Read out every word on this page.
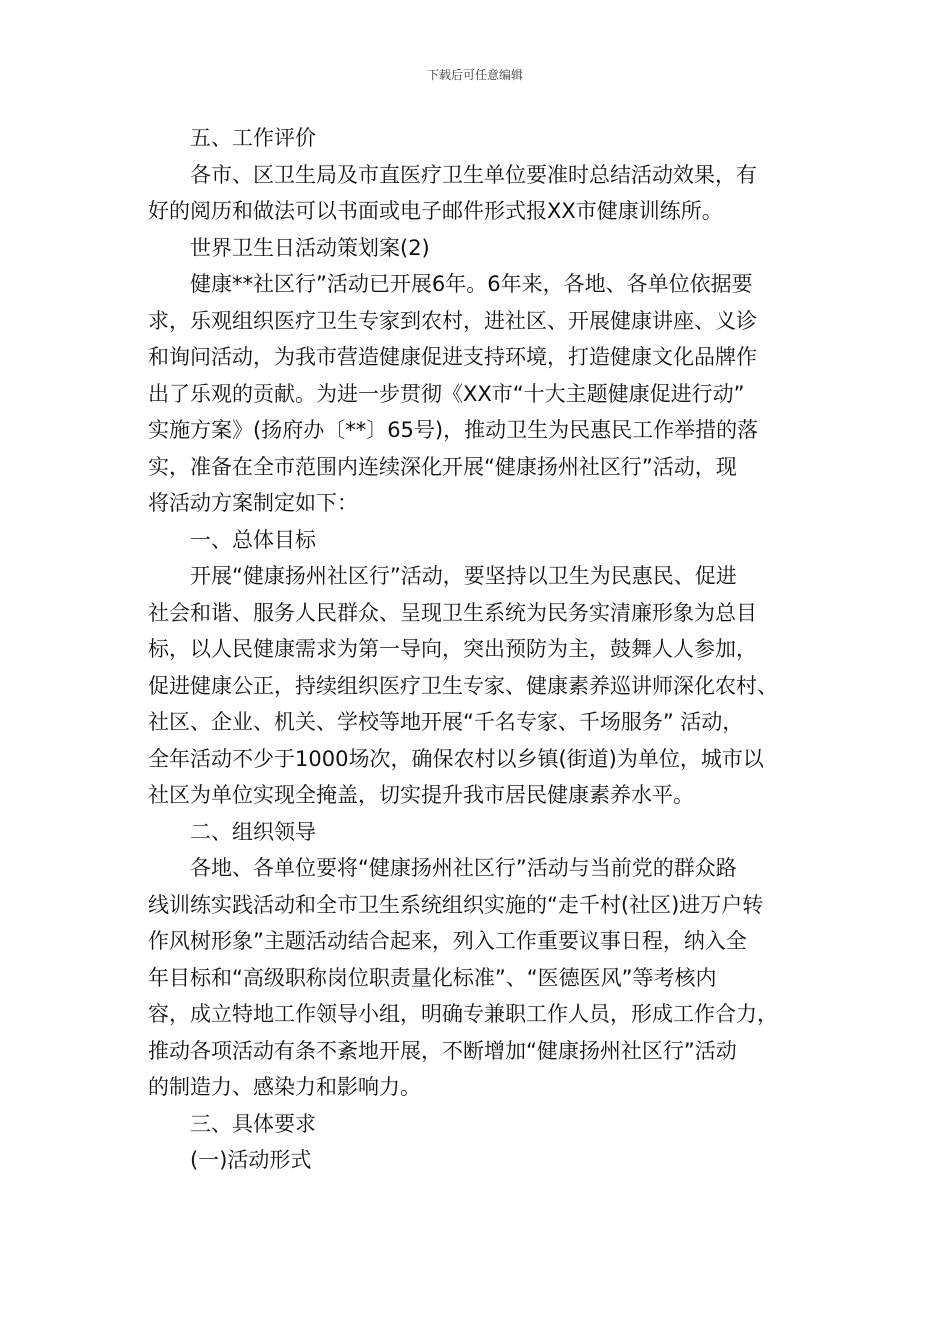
下载后可任意编辑
五、工作评价
各市、区卫生局及市直医疗卫生单位要准时总结活动效果，有
好的阅历和做法可以书面或电子邮件形式报XX市健康训练所。
世界卫生日活动策划案(2)
健康**社区行”活动已开展6年。6年来，各地、各单位依据要
求，乐观组织医疗卫生专家到农村，进社区、开展健康讲座、义诊
和询问活动，为我市营造健康促进支持环境，打造健康文化品牌作
出了乐观的贡献。为进一步贯彻《XX市“十大主题健康促进行动”
实施方案》(扬府办〔**〕65号)，推动卫生为民惠民工作举措的落
实，准备在全市范围内连续深化开展“健康扬州社区行”活动，现
将活动方案制定如下：
一、总体目标
开展“健康扬州社区行”活动，要坚持以卫生为民惠民、促进
社会和谐、服务人民群众、呈现卫生系统为民务实清廉形象为总目
标，以人民健康需求为第一导向，突出预防为主，鼓舞人人参加，
促进健康公正，持续组织医疗卫生专家、健康素养巡讲师深化农村、
社区、企业、机关、学校等地开展“千名专家、千场服务” 活动，
全年活动不少于1000场次，确保农村以乡镇(街道)为单位，城市以
社区为单位实现全掩盖，切实提升我市居民健康素养水平。
二、组织领导
各地、各单位要将“健康扬州社区行”活动与当前党的群众路
线训练实践活动和全市卫生系统组织实施的“走千村(社区)进万户转
作风树形象”主题活动结合起来，列入工作重要议事日程，纳入全
年目标和“高级职称岗位职责量化标准”、“医德医风”等考核内
容，成立特地工作领导小组，明确专兼职工作人员，形成工作合力，
推动各项活动有条不紊地开展，不断增加“健康扬州社区行”活动
的制造力、感染力和影响力。
三、具体要求
(一)活动形式
